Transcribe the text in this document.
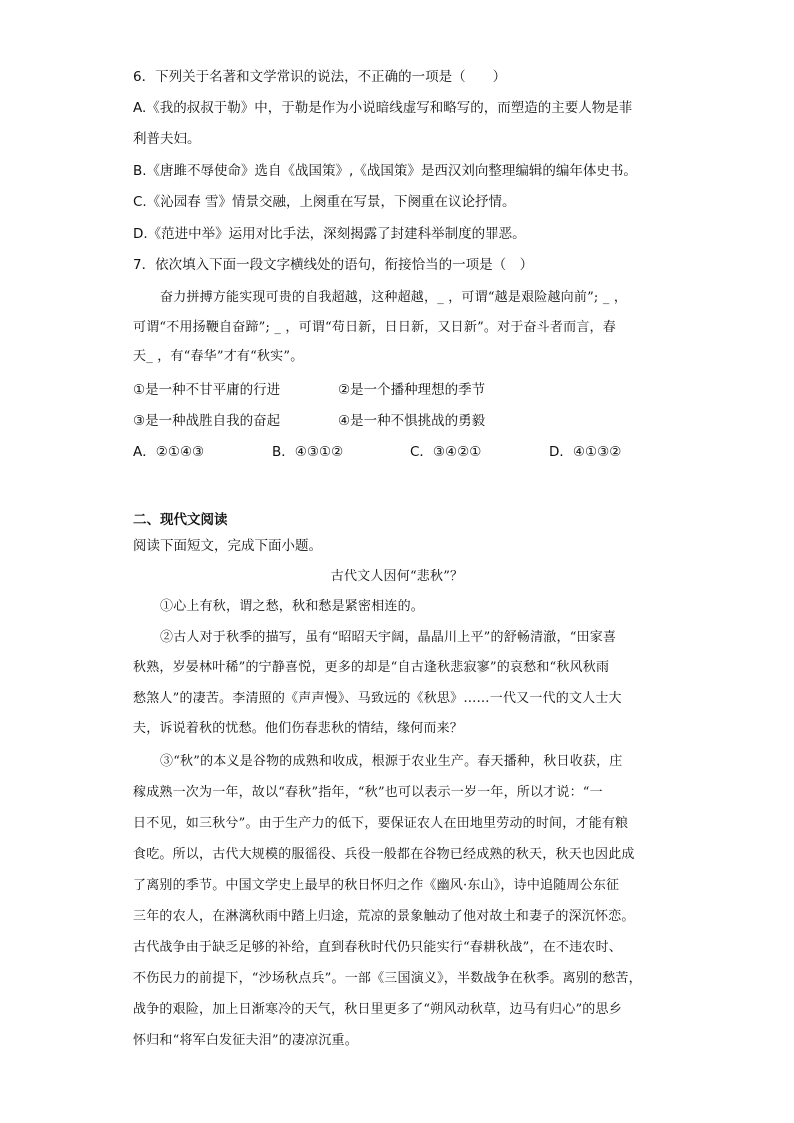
6．下列关于名著和文学常识的说法，不正确的一项是（　　）
A.《我的叔叔于勒》中，于勒是作为小说暗线虚写和略写的，而塑造的主要人物是菲
利普夫妇。
B.《唐雎不辱使命》选自《战国策》,《战国策》是西汉刘向整理编辑的编年体史书。
C.《沁园春 雪》情景交融，上阕重在写景，下阕重在议论抒情。
D.《范进中举》运用对比手法，深刻揭露了封建科举制度的罪恶。
7．依次填入下面一段文字横线处的语句，衔接恰当的一项是（　）
奋力拼搏方能实现可贵的自我超越，这种超越，_ ，可谓“越是艰险越向前”; _ ，
可谓“不用扬鞭自奋蹄”; _ ，可谓“苟日新，日日新，又日新”。对于奋斗者而言，春
天_ ，有“春华”才有“秋实”。
①是一种不甘平庸的行进	②是一个播种理想的季节
③是一种战胜自我的奋起	④是一种不惧挑战的勇毅
A．②①④③	B．④③①②	C．③④②①	D．④①③②
二、现代文阅读
阅读下面短文，完成下面小题。
古代文人因何“悲秋”？
①心上有秋，谓之愁，秋和愁是紧密相连的。
②古人对于秋季的描写，虽有“昭昭天宇阔，晶晶川上平”的舒畅清澈，“田家喜
秋熟，岁晏林叶稀”的宁静喜悦，更多的却是“自古逢秋悲寂寥”的哀愁和“秋风秋雨
愁煞人”的凄苦。李清照的《声声慢》、马致远的《秋思》……一代又一代的文人士大
夫，诉说着秋的忧愁。他们伤春悲秋的情结，缘何而来？
③“秋”的本义是谷物的成熟和收成，根源于农业生产。春天播种，秋日收获，庄
稼成熟一次为一年，故以“春秋”指年，“秋”也可以表示一岁一年，所以才说：“一
日不见，如三秋兮”。由于生产力的低下，要保证农人在田地里劳动的时间，才能有粮
食吃。所以，古代大规模的服徭役、兵役一般都在谷物已经成熟的秋天，秋天也因此成
了离别的季节。中国文学史上最早的秋日怀归之作《幽风·东山》，诗中追随周公东征
三年的农人，在淋漓秋雨中踏上归途，荒凉的景象触动了他对故土和妻子的深沉怀恋。
古代战争由于缺乏足够的补给，直到春秋时代仍只能实行“春耕秋战”，在不违农时、
不伤民力的前提下，“沙场秋点兵”。一部《三国演义》，半数战争在秋季。离别的愁苦，
战争的艰险，加上日渐寒冷的天气，秋日里更多了“朔风动秋草，边马有归心”的思乡
怀归和“将军白发征夫泪”的凄凉沉重。
